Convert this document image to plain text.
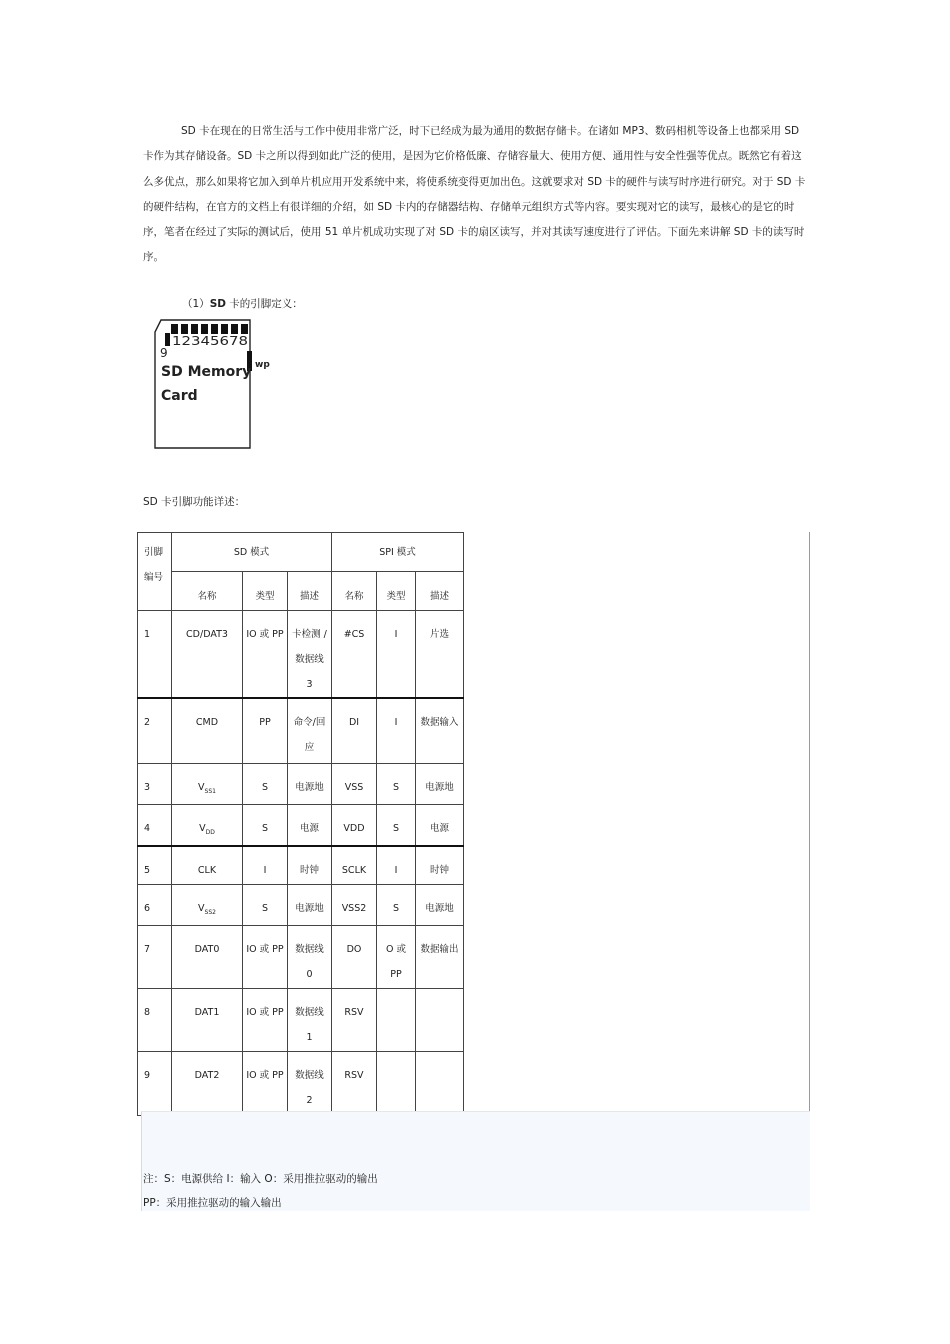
SD 卡在现在的日常生活与工作中使用非常广泛，时下已经成为最为通用的数据存储卡。在诸如 MP3、数码相机等设备上也都采用 SD 卡作为其存储设备。SD 卡之所以得到如此广泛的使用，是因为它价格低廉、存储容量大、使用方便、通用性与安全性强等优点。既然它有着这么多优点，那么如果将它加入到单片机应用开发系统中来，将使系统变得更加出色。这就要求对 SD 卡的硬件与读写时序进行研究。对于 SD 卡的硬件结构，在官方的文档上有很详细的介绍，如 SD 卡内的存储器结构、存储单元组织方式等内容。要实现对它的读写，最核心的是它的时序，笔者在经过了实际的测试后，使用 51 单片机成功实现了对 SD 卡的扇区读写，并对其读写速度进行了评估。下面先来讲解 SD 卡的读写时序。

（1）SD 卡的引脚定义：
12345678
9
wp
SD Memory
Card
SD 卡引脚功能详述：
引脚
编号	SD 模式			SPI 模式		
	名称	类型	描述	名称	类型	描述
1	CD/DAT3	IO 或 PP	卡检测 / 数据线 3	#CS	I	片选
2	CMD	PP	命令/回应	DI	I	数据输入
3	$V_{SS1}$	S	电源地	VSS	S	电源地
4	$V_{DD}$	S	电源	VDD	S	电源
5	CLK	I	时钟	SCLK	I	时钟
6	$V_{SS2}$	S	电源地	VSS2	S	电源地
7	DAT0	IO 或 PP	数据线 0	DO	O 或 PP	数据输出
8	DAT1	IO 或 PP	数据线 1	RSV		
9	DAT2	IO 或 PP	数据线 2	RSV		
注：S：电源供给 I：输入 O：采用推拉驱动的输出
PP：采用推拉驱动的输入输出
